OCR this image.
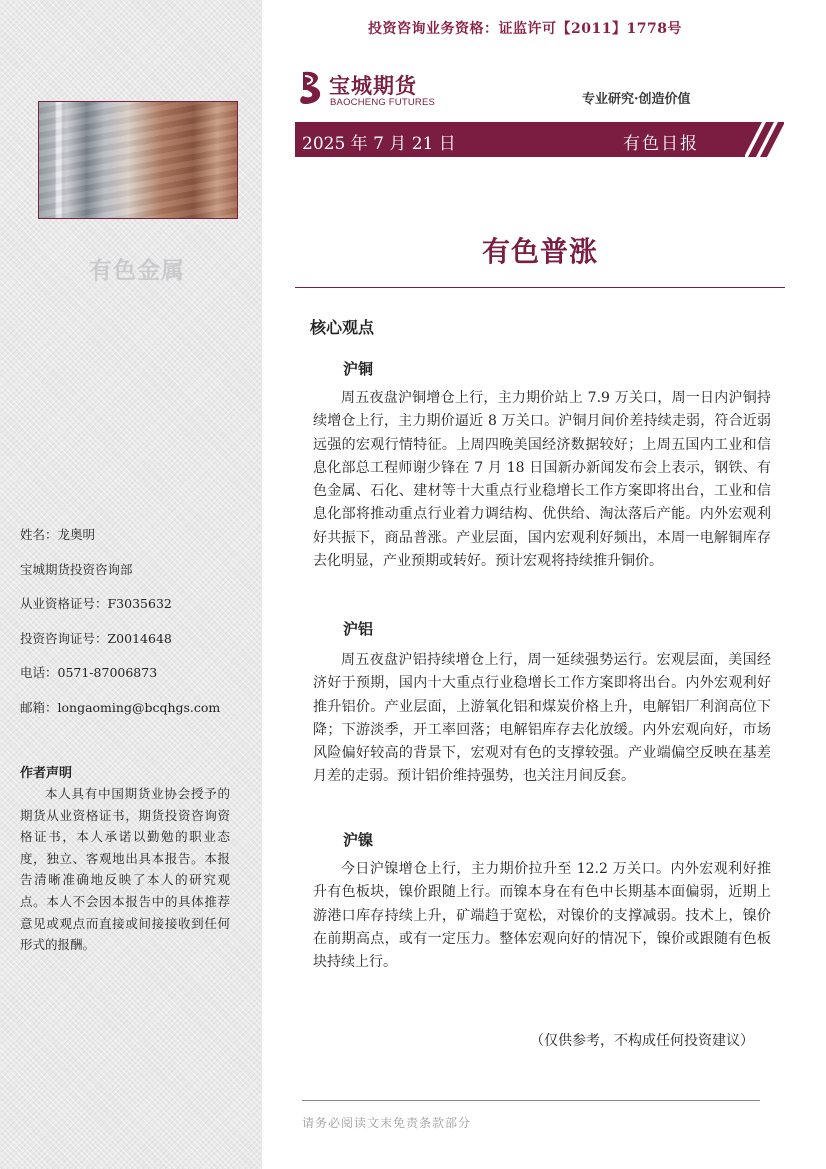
有色金属
姓名：龙奥明
宝城期货投资咨询部
从业资格证号：F3035632
投资咨询证号：Z0014648
电话：0571-87006873
邮箱：longaoming@bcqhgs.com
作者声明
本人具有中国期货业协会授予的期货从业资格证书，期货投资咨询资格证书，本人承诺以勤勉的职业态度，独立、客观地出具本报告。本报告清晰准确地反映了本人的研究观点。本人不会因本报告中的具体推荐意见或观点而直接或间接接收到任何形式的报酬。
投资咨询业务资格：证监许可【2011】1778号
宝城期货
BAOCHENG FUTURES	专业研究·创造价值
2025 年 7 月 21 日	有色日报
有色普涨
核心观点
沪铜
周五夜盘沪铜增仓上行，主力期价站上 7.9 万关口，周一日内沪铜持续增仓上行，主力期价逼近 8 万关口。沪铜月间价差持续走弱，符合近弱远强的宏观行情特征。上周四晚美国经济数据较好；上周五国内工业和信息化部总工程师谢少锋在 7 月 18 日国新办新闻发布会上表示，钢铁、有色金属、石化、建材等十大重点行业稳增长工作方案即将出台，工业和信息化部将推动重点行业着力调结构、优供给、淘汰落后产能。内外宏观利好共振下，商品普涨。产业层面，国内宏观利好频出，本周一电解铜库存去化明显，产业预期或转好。预计宏观将持续推升铜价。
沪铝
周五夜盘沪铝持续增仓上行，周一延续强势运行。宏观层面，美国经济好于预期，国内十大重点行业稳增长工作方案即将出台。内外宏观利好推升铝价。产业层面，上游氧化铝和煤炭价格上升，电解铝厂利润高位下降；下游淡季，开工率回落；电解铝库存去化放缓。内外宏观向好，市场风险偏好较高的背景下，宏观对有色的支撑较强。产业端偏空反映在基差月差的走弱。预计铝价维持强势，也关注月间反套。
沪镍
今日沪镍增仓上行，主力期价拉升至 12.2 万关口。内外宏观利好推升有色板块，镍价跟随上行。而镍本身在有色中长期基本面偏弱，近期上游港口库存持续上升，矿端趋于宽松，对镍价的支撑减弱。技术上，镍价在前期高点，或有一定压力。整体宏观向好的情况下，镍价或跟随有色板块持续上行。
（仅供参考，不构成任何投资建议）
请务必阅读文末免责条款部分
